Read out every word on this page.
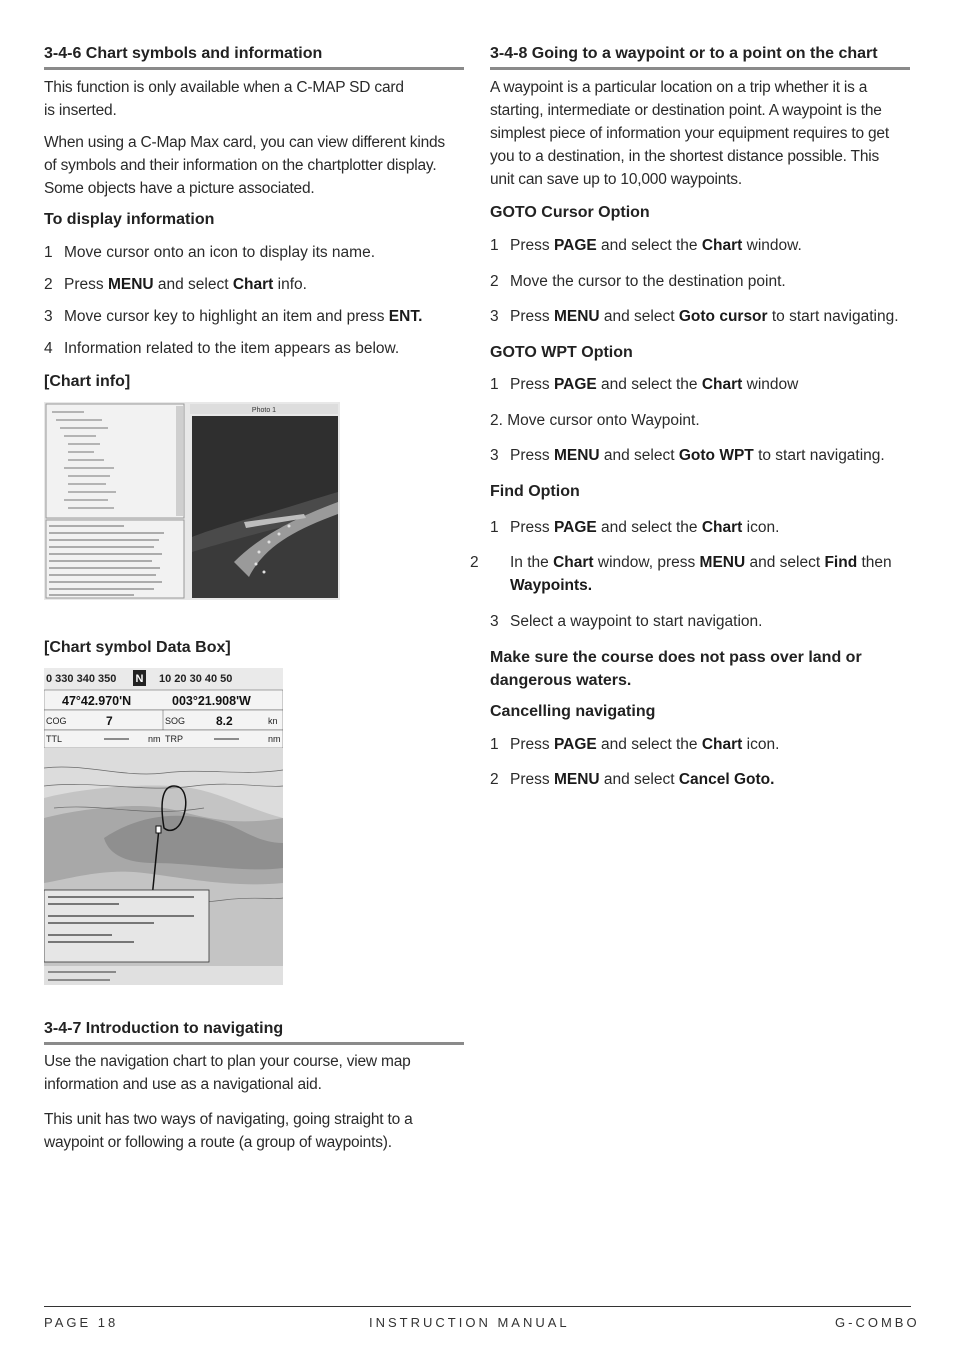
3-4-6 Chart symbols and information
This function is only available when a C-MAP SD card is inserted.
When using a C-Map Max card, you can view different kinds of symbols and their information on the chartplotter display. Some objects have a picture associated.
To display information
1 Move cursor onto an icon to display its name.
2 Press MENU and select Chart info.
3 Move cursor key to highlight an item and press ENT.
4 Information related to the item appears as below.
[Chart info]
Photo 1
[Chart symbol Data Box]
0 330 340 350 N 10 20 30 40 50
47°42.970'N	003°21.908'W
COG	7	SOG	8.2	kn
TTL	nm TRP	nm
3-4-7 Introduction to navigating
Use the navigation chart to plan your course, view map information and use as a navigational aid.
This unit has two ways of navigating, going straight to a waypoint or following a route (a group of waypoints).
3-4-8 Going to a waypoint or to a point on the chart
A waypoint is a particular location on a trip whether it is a starting, intermediate or destination point. A waypoint is the simplest piece of information your equipment requires to get you to a destination, in the shortest distance possible. This unit can save up to 10,000 waypoints.
GOTO Cursor Option
1 Press PAGE and select the Chart window.
2 Move the cursor to the destination point.
3 Press MENU and select Goto cursor to start navigating.
GOTO WPT Option
1 Press PAGE and select the Chart window
2. Move cursor onto Waypoint.
3 Press MENU and select Goto WPT to start navigating.
Find Option
1 Press PAGE and select the Chart icon.
2 In the Chart window, press MENU and select Find then Waypoints.
3 Select a waypoint to start navigation.
Make sure the course does not pass over land or dangerous waters.
Cancelling navigating
1 Press PAGE and select the Chart icon.
2 Press MENU and select Cancel Goto.
PAGE 18	INSTRUCTION MANUAL	G-COMBO
